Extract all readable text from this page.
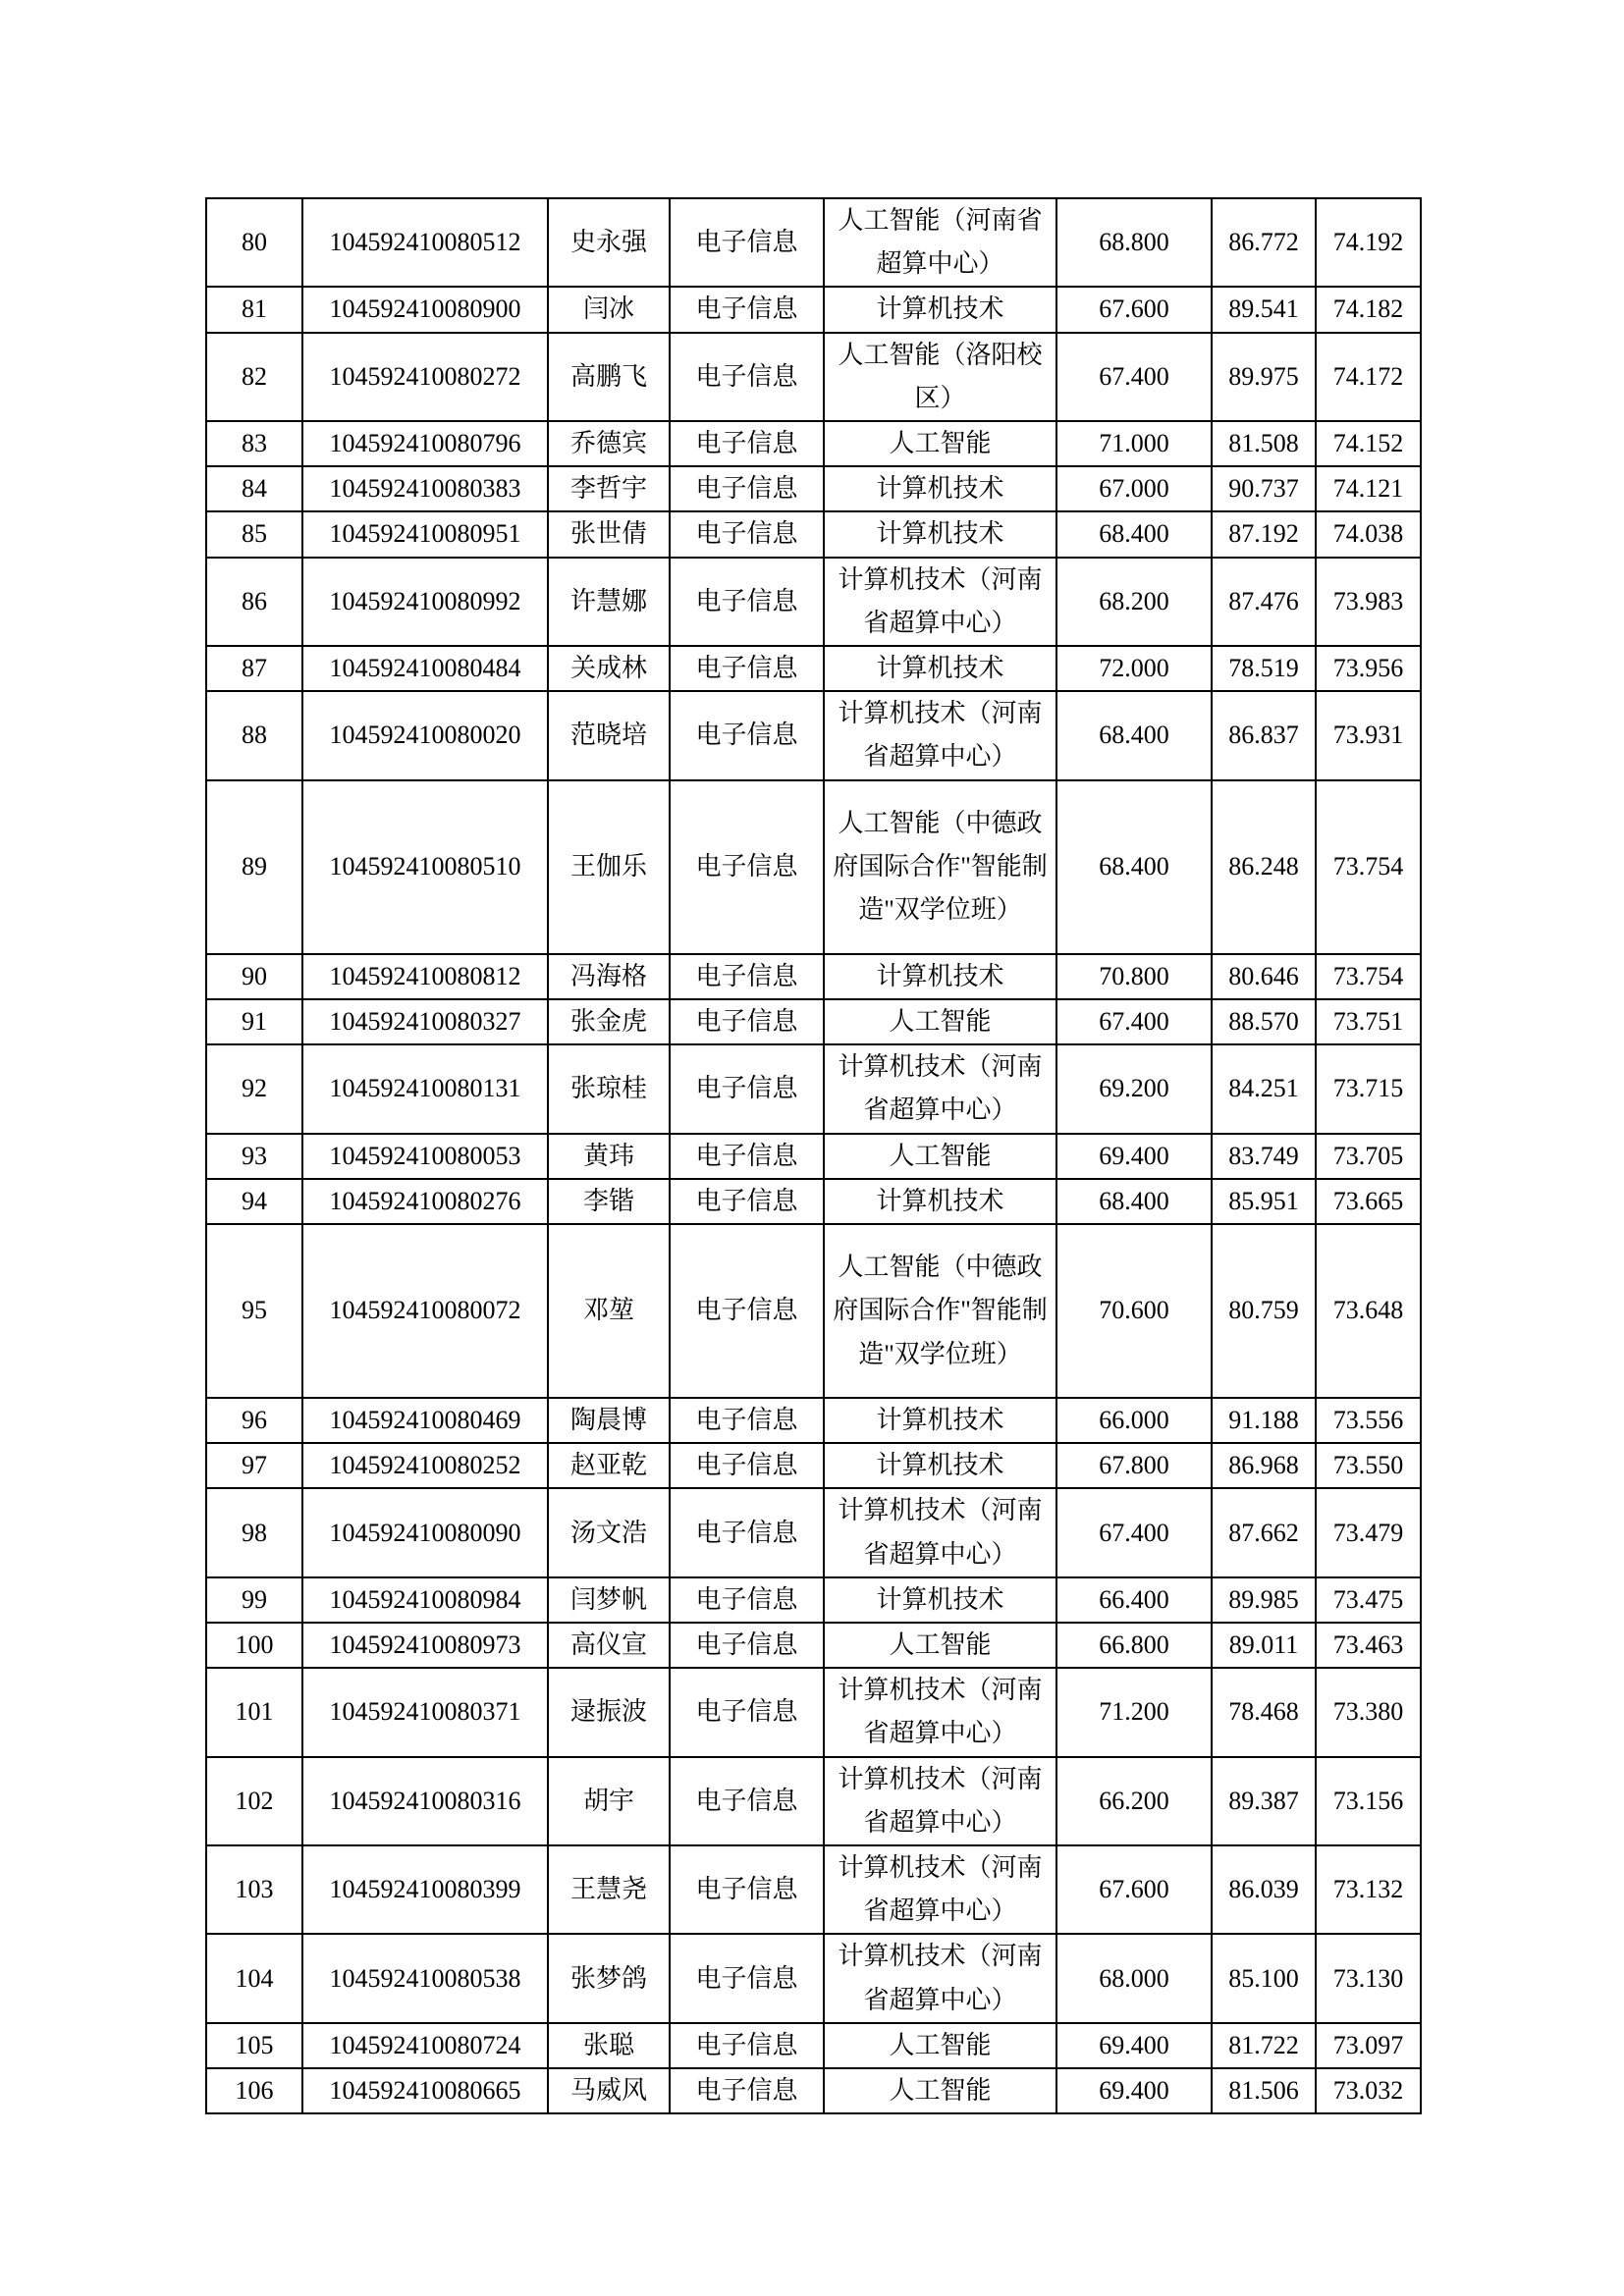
80	104592410080512	史永强	电子信息	人工智能（河南省超算中心）	68.800	86.772	74.192
81	104592410080900	闫冰	电子信息	计算机技术	67.600	89.541	74.182
82	104592410080272	高鹏飞	电子信息	人工智能（洛阳校区）	67.400	89.975	74.172
83	104592410080796	乔德宾	电子信息	人工智能	71.000	81.508	74.152
84	104592410080383	李哲宇	电子信息	计算机技术	67.000	90.737	74.121
85	104592410080951	张世倩	电子信息	计算机技术	68.400	87.192	74.038
86	104592410080992	许慧娜	电子信息	计算机技术（河南省超算中心）	68.200	87.476	73.983
87	104592410080484	关成林	电子信息	计算机技术	72.000	78.519	73.956
88	104592410080020	范晓培	电子信息	计算机技术（河南省超算中心）	68.400	86.837	73.931
89	104592410080510	王伽乐	电子信息	人工智能（中德政府国际合作"智能制造"双学位班）	68.400	86.248	73.754
90	104592410080812	冯海格	电子信息	计算机技术	70.800	80.646	73.754
91	104592410080327	张金虎	电子信息	人工智能	67.400	88.570	73.751
92	104592410080131	张琼桂	电子信息	计算机技术（河南省超算中心）	69.200	84.251	73.715
93	104592410080053	黄玮	电子信息	人工智能	69.400	83.749	73.705
94	104592410080276	李锴	电子信息	计算机技术	68.400	85.951	73.665
95	104592410080072	邓堃	电子信息	人工智能（中德政府国际合作"智能制造"双学位班）	70.600	80.759	73.648
96	104592410080469	陶晨博	电子信息	计算机技术	66.000	91.188	73.556
97	104592410080252	赵亚乾	电子信息	计算机技术	67.800	86.968	73.550
98	104592410080090	汤文浩	电子信息	计算机技术（河南省超算中心）	67.400	87.662	73.479
99	104592410080984	闫梦帆	电子信息	计算机技术	66.400	89.985	73.475
100	104592410080973	高仪宣	电子信息	人工智能	66.800	89.011	73.463
101	104592410080371	逯振波	电子信息	计算机技术（河南省超算中心）	71.200	78.468	73.380
102	104592410080316	胡宇	电子信息	计算机技术（河南省超算中心）	66.200	89.387	73.156
103	104592410080399	王慧尧	电子信息	计算机技术（河南省超算中心）	67.600	86.039	73.132
104	104592410080538	张梦鸽	电子信息	计算机技术（河南省超算中心）	68.000	85.100	73.130
105	104592410080724	张聪	电子信息	人工智能	69.400	81.722	73.097
106	104592410080665	马威风	电子信息	人工智能	69.400	81.506	73.032
